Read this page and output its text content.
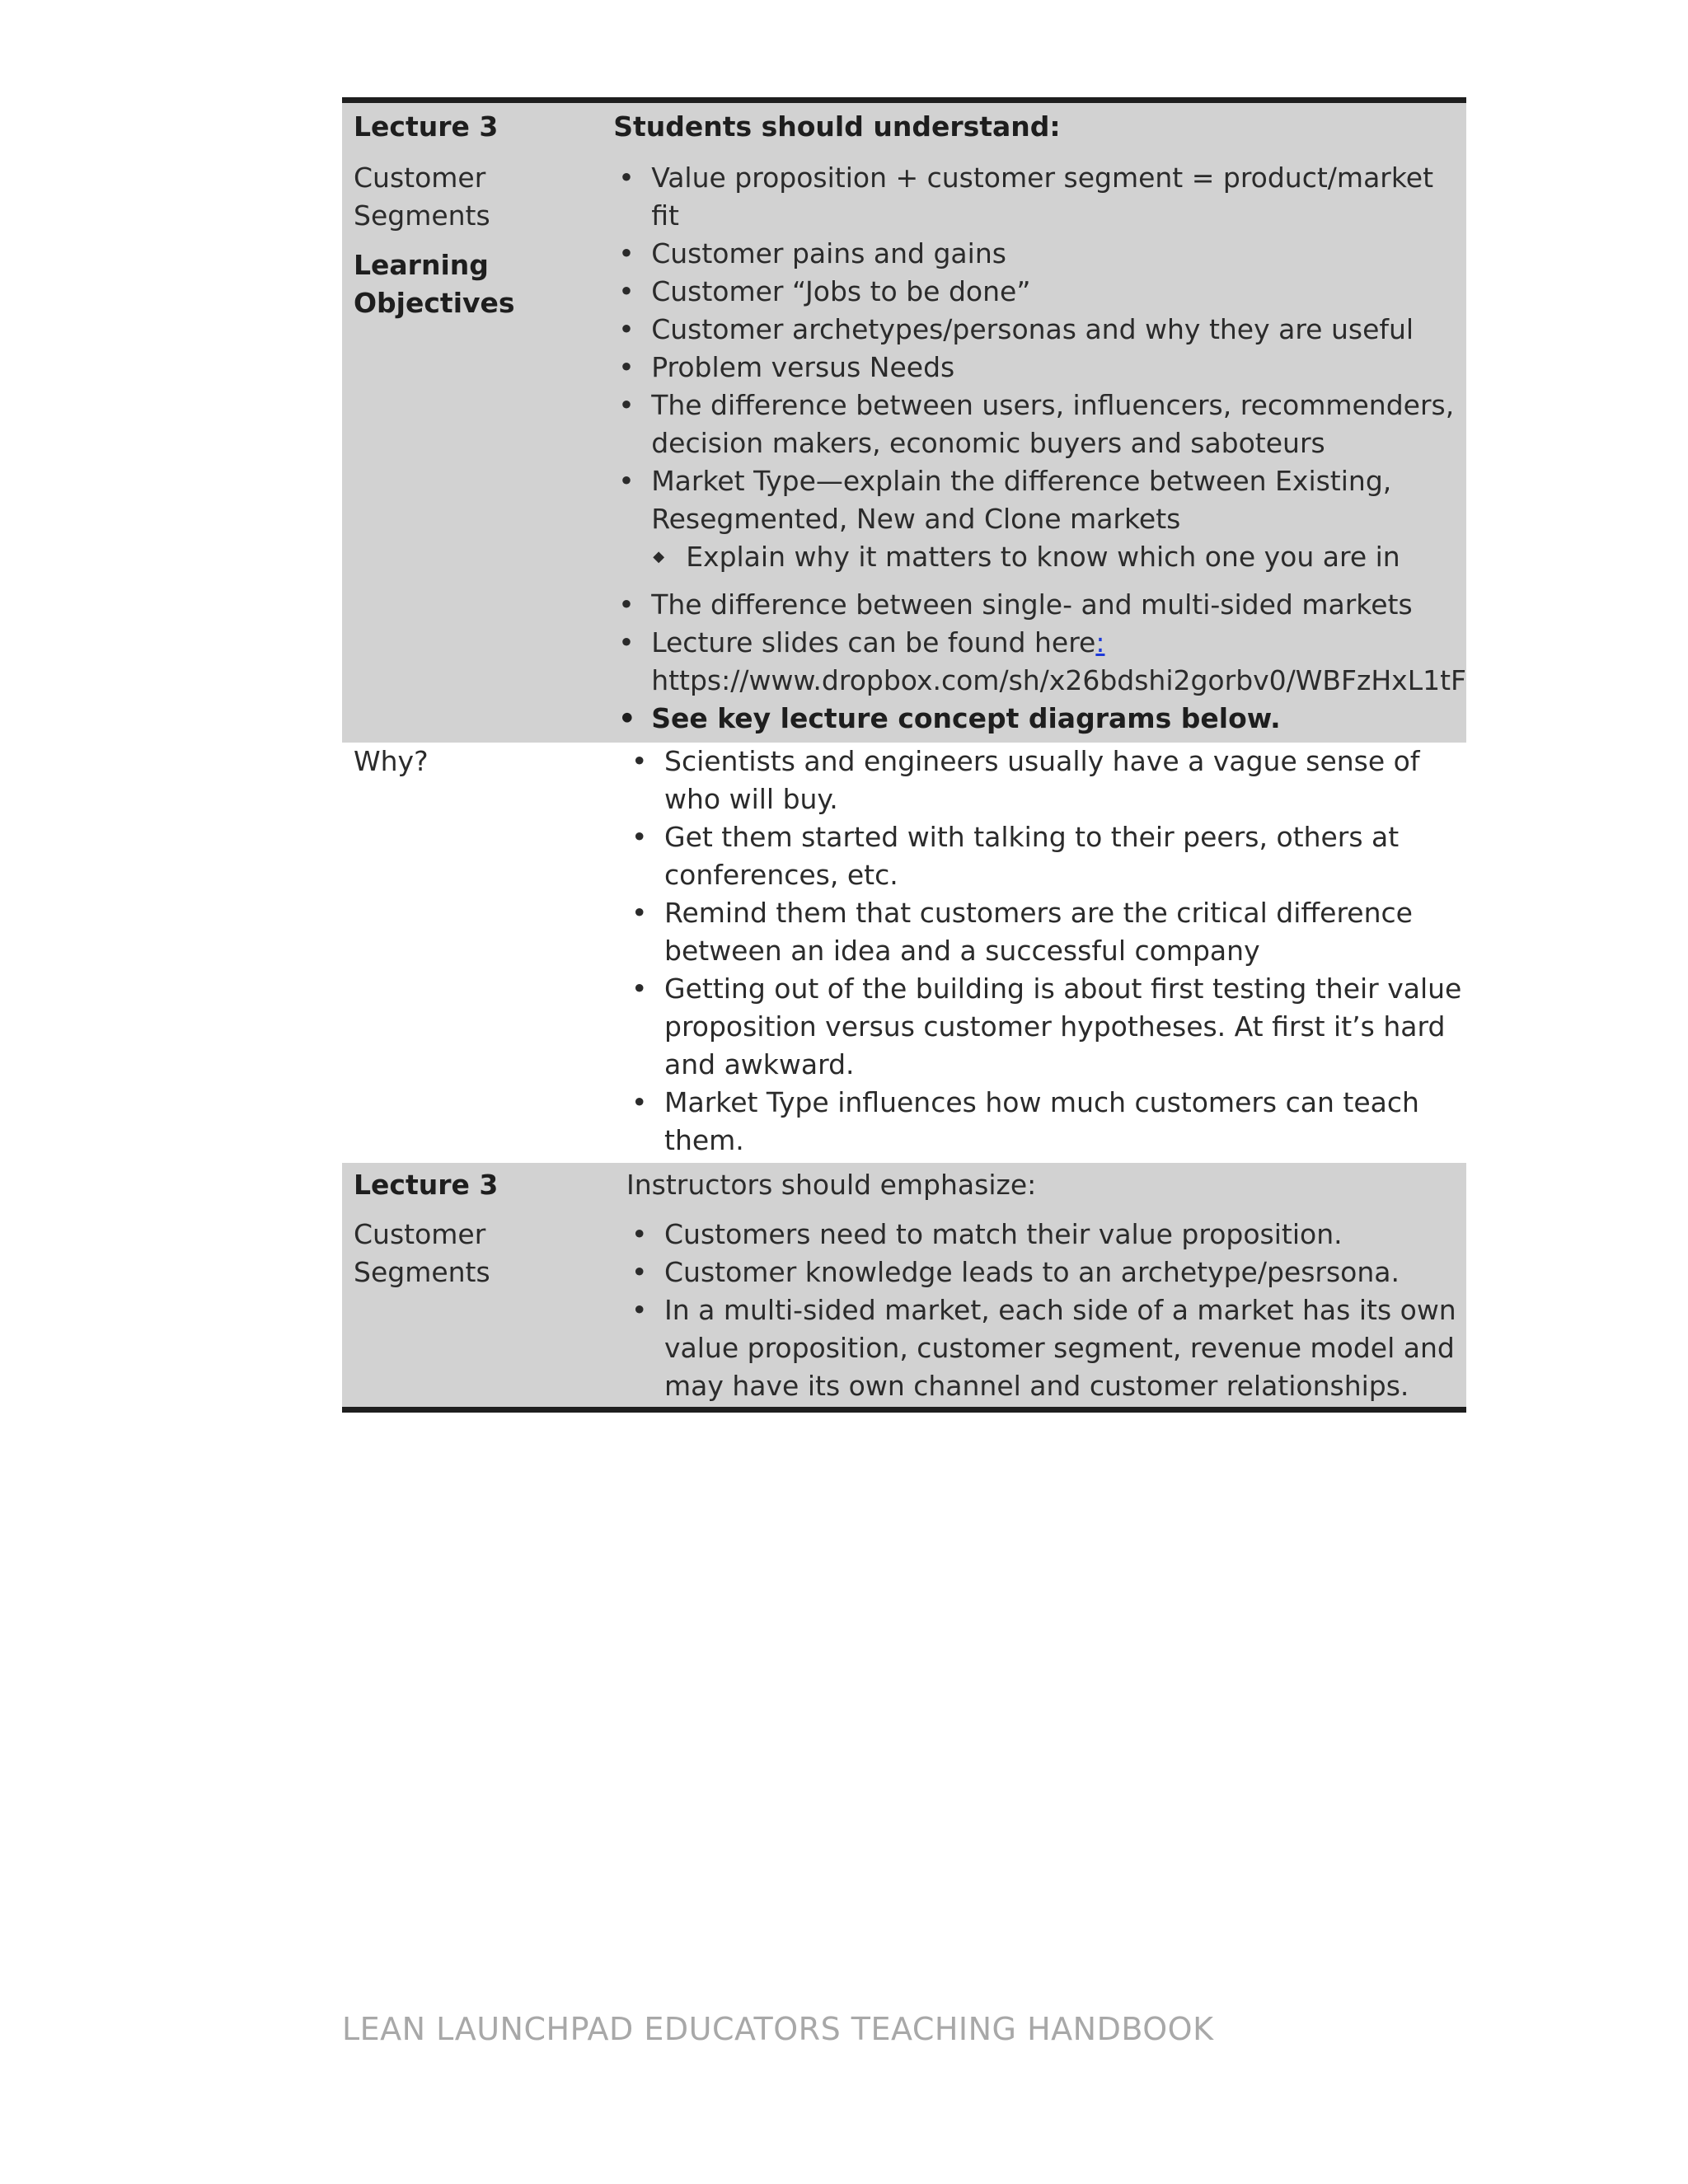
Lecture 3
Customer Segments
Learning
Objectives
Students should understand:
• Value proposition + customer segment = product/market fit
• Customer pains and gains
• Customer “Jobs to be done”
• Customer archetypes/personas and why they are useful
• Problem versus Needs
• The difference between users, influencers, recommenders, decision makers, economic buyers and saboteurs
• Market Type—explain the difference between Existing, Resegmented, New and Clone markets
◆ Explain why it matters to know which one you are in
• The difference between single- and multi-sided markets
• Lecture slides can be found here: https://www.dropbox.com/sh/x26bdshi2gorbv0/WBFzHxL1tF
• See key lecture concept diagrams below.
Why?
•	Scientists and engineers usually have a vague sense of who will buy.
• Get them started with talking to their peers, others at conferences, etc.
• Remind them that customers are the critical difference between an idea and a successful company
• Getting out of the building is about first testing their value proposition versus customer hypotheses. At first it’s hard and awkward.
• Market Type influences how much customers can teach them.
Lecture 3
Customer
Segments
Instructors should emphasize:
• Customers need to match their value proposition.
• Customer knowledge leads to an archetype/pesrsona.
• In a multi-sided market, each side of a market has its own value proposition, customer segment, revenue model and may have its own channel and customer relationships.
LEAN LAUNCHPAD EDUCATORS TEACHING HANDBOOK
